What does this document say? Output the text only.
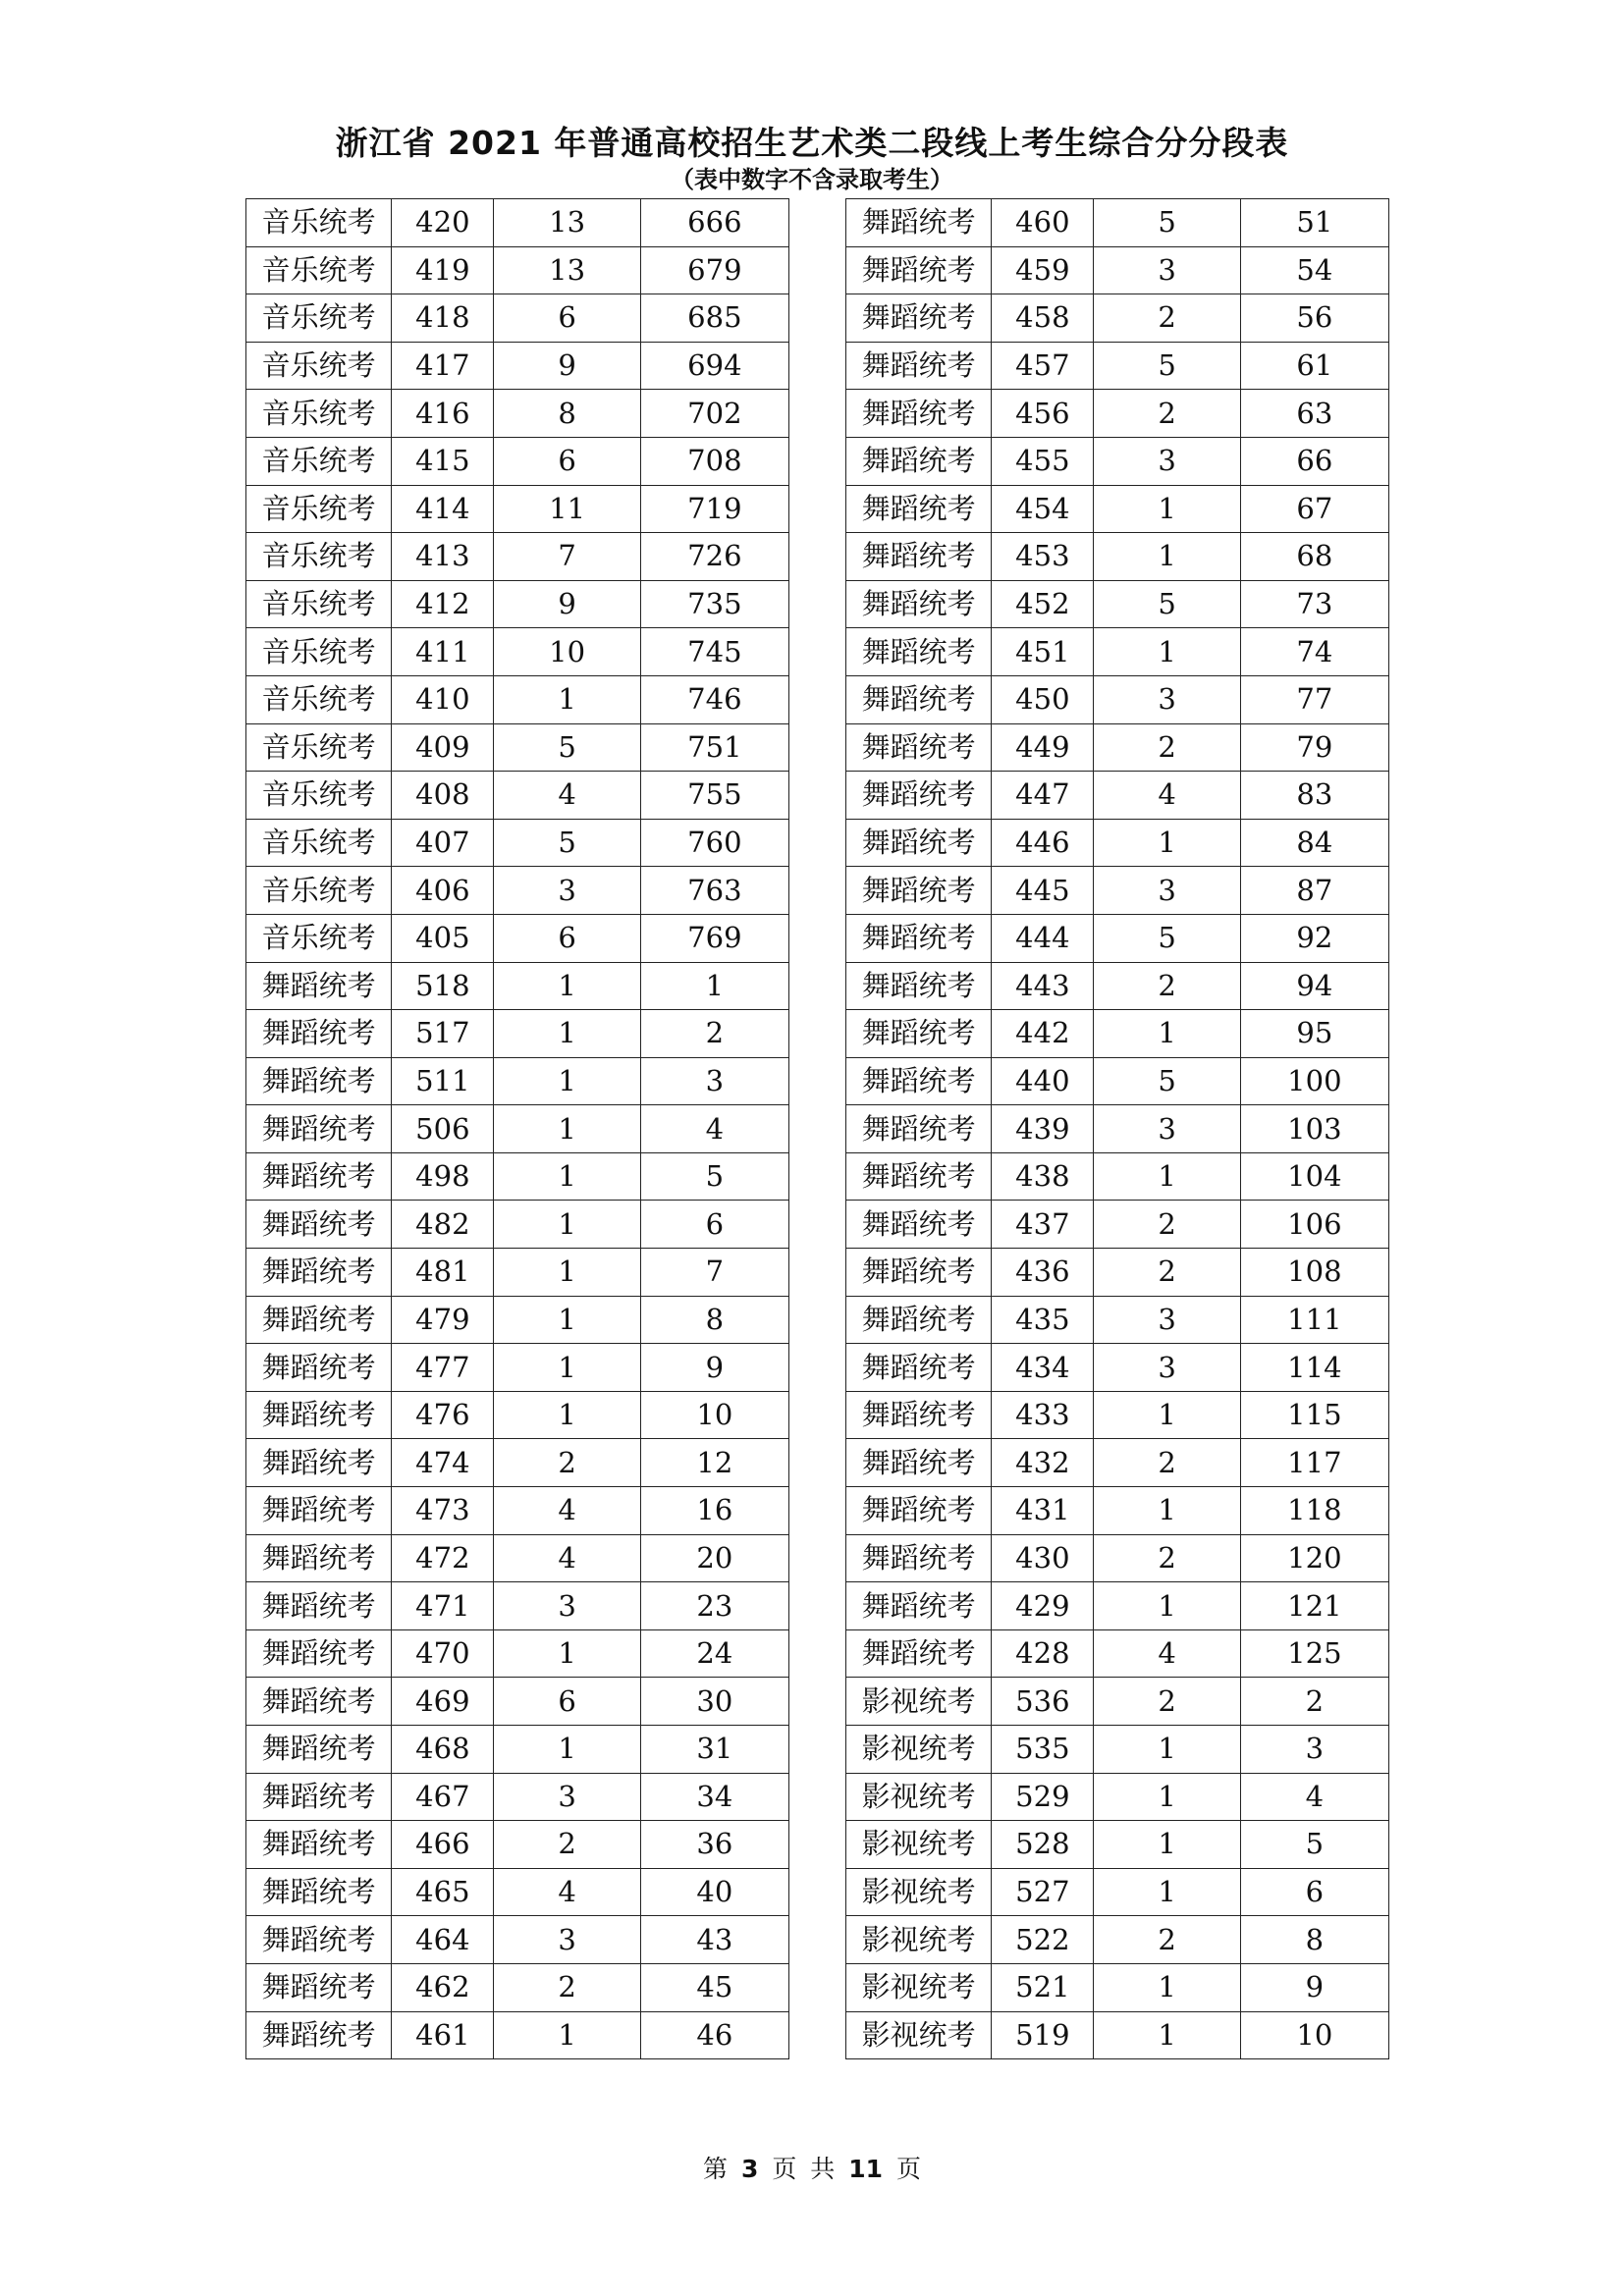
浙江省 2021 年普通高校招生艺术类二段线上考生综合分分段表
（表中数字不含录取考生）
音乐统考	420	13	666
音乐统考	419	13	679
音乐统考	418	6	685
音乐统考	417	9	694
音乐统考	416	8	702
音乐统考	415	6	708
音乐统考	414	11	719
音乐统考	413	7	726
音乐统考	412	9	735
音乐统考	411	10	745
音乐统考	410	1	746
音乐统考	409	5	751
音乐统考	408	4	755
音乐统考	407	5	760
音乐统考	406	3	763
音乐统考	405	6	769
舞蹈统考	518	1	1
舞蹈统考	517	1	2
舞蹈统考	511	1	3
舞蹈统考	506	1	4
舞蹈统考	498	1	5
舞蹈统考	482	1	6
舞蹈统考	481	1	7
舞蹈统考	479	1	8
舞蹈统考	477	1	9
舞蹈统考	476	1	10
舞蹈统考	474	2	12
舞蹈统考	473	4	16
舞蹈统考	472	4	20
舞蹈统考	471	3	23
舞蹈统考	470	1	24
舞蹈统考	469	6	30
舞蹈统考	468	1	31
舞蹈统考	467	3	34
舞蹈统考	466	2	36
舞蹈统考	465	4	40
舞蹈统考	464	3	43
舞蹈统考	462	2	45
舞蹈统考	461	1	46
舞蹈统考	460	5	51
舞蹈统考	459	3	54
舞蹈统考	458	2	56
舞蹈统考	457	5	61
舞蹈统考	456	2	63
舞蹈统考	455	3	66
舞蹈统考	454	1	67
舞蹈统考	453	1	68
舞蹈统考	452	5	73
舞蹈统考	451	1	74
舞蹈统考	450	3	77
舞蹈统考	449	2	79
舞蹈统考	447	4	83
舞蹈统考	446	1	84
舞蹈统考	445	3	87
舞蹈统考	444	5	92
舞蹈统考	443	2	94
舞蹈统考	442	1	95
舞蹈统考	440	5	100
舞蹈统考	439	3	103
舞蹈统考	438	1	104
舞蹈统考	437	2	106
舞蹈统考	436	2	108
舞蹈统考	435	3	111
舞蹈统考	434	3	114
舞蹈统考	433	1	115
舞蹈统考	432	2	117
舞蹈统考	431	1	118
舞蹈统考	430	2	120
舞蹈统考	429	1	121
舞蹈统考	428	4	125
影视统考	536	2	2
影视统考	535	1	3
影视统考	529	1	4
影视统考	528	1	5
影视统考	527	1	6
影视统考	522	2	8
影视统考	521	1	9
影视统考	519	1	10
第 3 页 共 11 页
